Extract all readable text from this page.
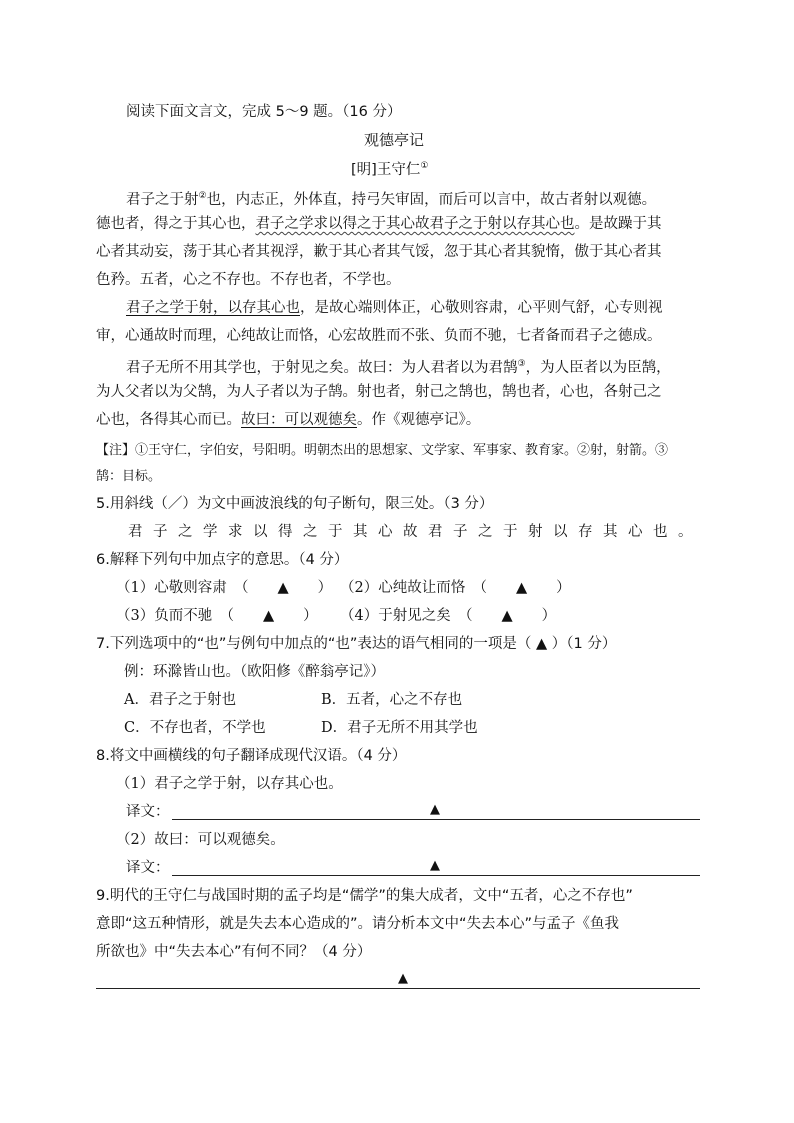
阅读下面文言文，完成 5～9 题。（16 分）
观德亭记
[明]王守仁①
君子之于射②也，内志正，外体直，持弓矢审固，而后可以言中，故古者射以观德。
德也者，得之于其心也，君子之学求以得之于其心故君子之于射以存其心也。是故躁于其
心者其动妄，荡于其心者其视浮，歉于其心者其气馁，忽于其心者其貌惰，傲于其心者其
色矜。五者，心之不存也。不存也者，不学也。
君子之学于射，以存其心也，是故心端则体正，心敬则容肃，心平则气舒，心专则视
审，心通故时而理，心纯故让而恪，心宏故胜而不张、负而不驰，七者备而君子之德成。
君子无所不用其学也，于射见之矣。故曰：为人君者以为君鹄③，为人臣者以为臣鹄，
为人父者以为父鹄，为人子者以为子鹄。射也者，射己之鹄也，鹄也者，心也，各射己之
心也，各得其心而已。故曰：可以观德矣。作《观德亭记》。
【注】①王守仁，字伯安，号阳明。明朝杰出的思想家、文学家、军事家、教育家。②射，射箭。③
鹄：目标。
5.用斜线（／）为文中画波浪线的句子断句，限三处。（3 分）
君子之学求以得之于其心故君子之于射以存其心也。
6.解释下列句中加点字的意思。（4 分）
（1）心敬则容肃　（　　▲　　） （2）心纯故让而恪　（　　▲　　）
（3）负而不驰　（　　▲　　） （4）于射见之矣　（　　▲　　）
7.下列选项中的“也”与例句中加点的“也”表达的语气相同的一项是（ ▲ ）（1 分）
例：环滁皆山也。（欧阳修《醉翁亭记》）
A．君子之于射也	B．五者，心之不存也
C．不存也者，不学也	D．君子无所不用其学也
8.将文中画横线的句子翻译成现代汉语。（4 分）
（1）君子之学于射，以存其心也。
译文：	▲
（2）故曰：可以观德矣。
译文：	▲
9.明代的王守仁与战国时期的孟子均是“儒学”的集大成者，文中“五者，心之不存也”
意即“这五种情形，就是失去本心造成的”。请分析本文中“失去本心”与孟子《鱼我
所欲也》中“失去本心”有何不同？（4 分）
▲
